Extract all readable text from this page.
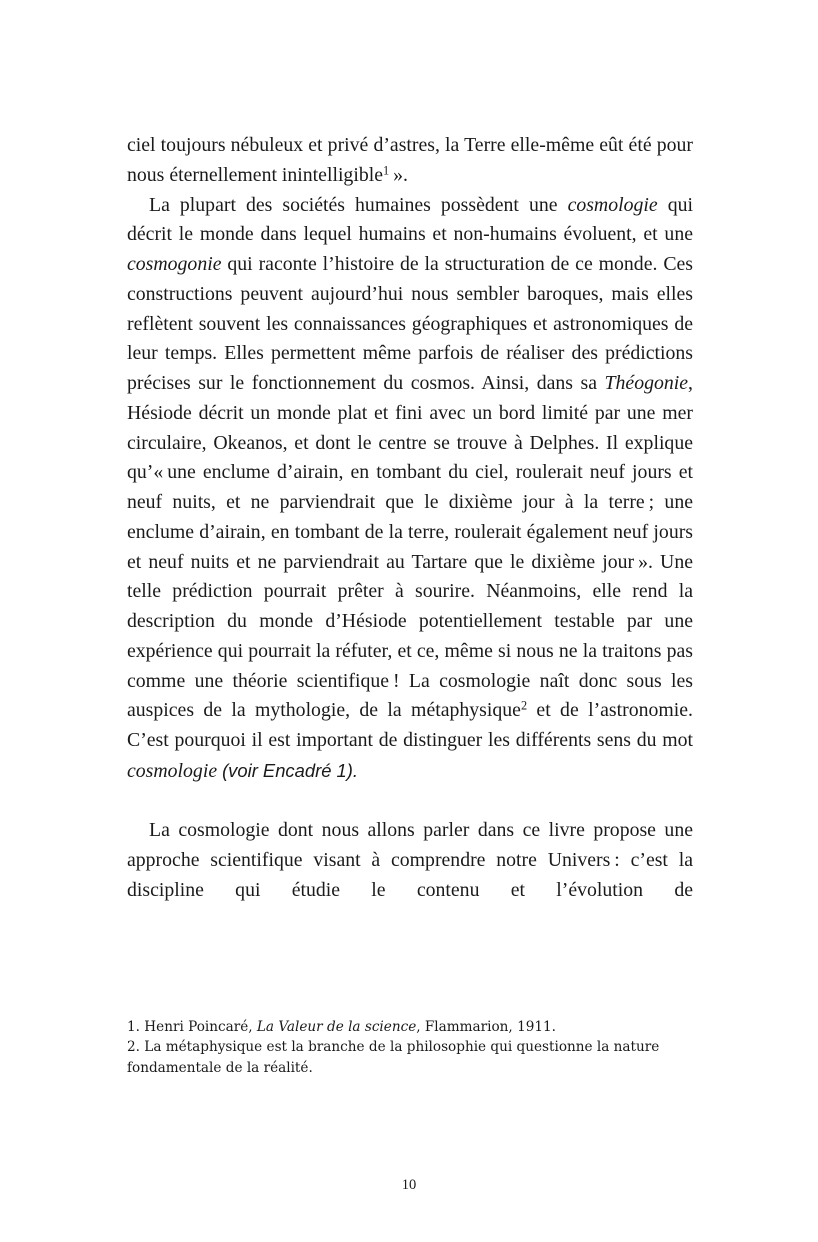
ciel toujours nébuleux et privé d’astres, la Terre elle-même eût été pour nous éternellement inintelligible$^1$ ».

La plupart des sociétés humaines possèdent une cosmologie qui décrit le monde dans lequel humains et non-humains évoluent, et une cosmogonie qui raconte l’histoire de la structuration de ce monde. Ces constructions peuvent aujourd’hui nous sembler baroques, mais elles reflètent souvent les connaissances géographiques et astronomiques de leur temps. Elles permettent même parfois de réaliser des prédictions précises sur le fonctionnement du cosmos. Ainsi, dans sa Théogonie, Hésiode décrit un monde plat et fini avec un bord limité par une mer circulaire, Okeanos, et dont le centre se trouve à Delphes. Il explique qu’« une enclume d’airain, en tombant du ciel, roulerait neuf jours et neuf nuits, et ne parviendrait que le dixième jour à la terre ; une enclume d’airain, en tombant de la terre, roulerait également neuf jours et neuf nuits et ne parviendrait au Tartare que le dixième jour ». Une telle prédiction pourrait prêter à sourire. Néanmoins, elle rend la description du monde d’Hésiode potentiellement testable par une expérience qui pourrait la réfuter, et ce, même si nous ne la traitons pas comme une théorie scientifique ! La cosmologie naît donc sous les auspices de la mythologie, de la métaphysique$^2$ et de l’astronomie. C’est pourquoi il est important de distinguer les différents sens du mot cosmologie (voir Encadré 1).

La cosmologie dont nous allons parler dans ce livre propose une approche scientifique visant à comprendre notre Univers : c’est la discipline qui étudie le contenu et l’évolution de

1. Henri Poincaré, La Valeur de la science, Flammarion, 1911.

2. La métaphysique est la branche de la philosophie qui questionne la nature fondamentale de la réalité.

10
